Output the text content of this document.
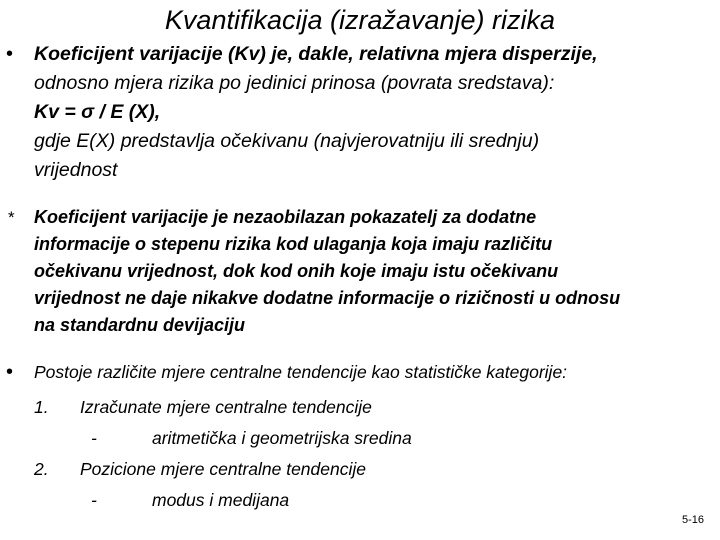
Kvantifikacija (izražavanje) rizika
• Koeficijent varijacije (Kv) je, dakle, relativna mjera disperzije,
odnosno mjera rizika po jedinici prinosa (povrata sredstava):
Kv = σ / E (X),
gdje E(X) predstavlja očekivanu (najvjerovatniju ili srednju)
vrijednost
* Koeficijent varijacije je nezaobilazan pokazatelj za dodatne
informacije o stepenu rizika kod ulaganja koja imaju različitu
očekivanu vrijednost, dok kod onih koje imaju istu očekivanu
vrijednost ne daje nikakve dodatne informacije o rizičnosti u odnosu
na standardnu devijaciju
• Postoje različite mjere centralne tendencije kao statističke kategorije:
1. Izračunate mjere centralne tendencije
-	aritmetička i geometrijska sredina
2. Pozicione mjere centralne tendencije
-	modus i medijana
5-16
